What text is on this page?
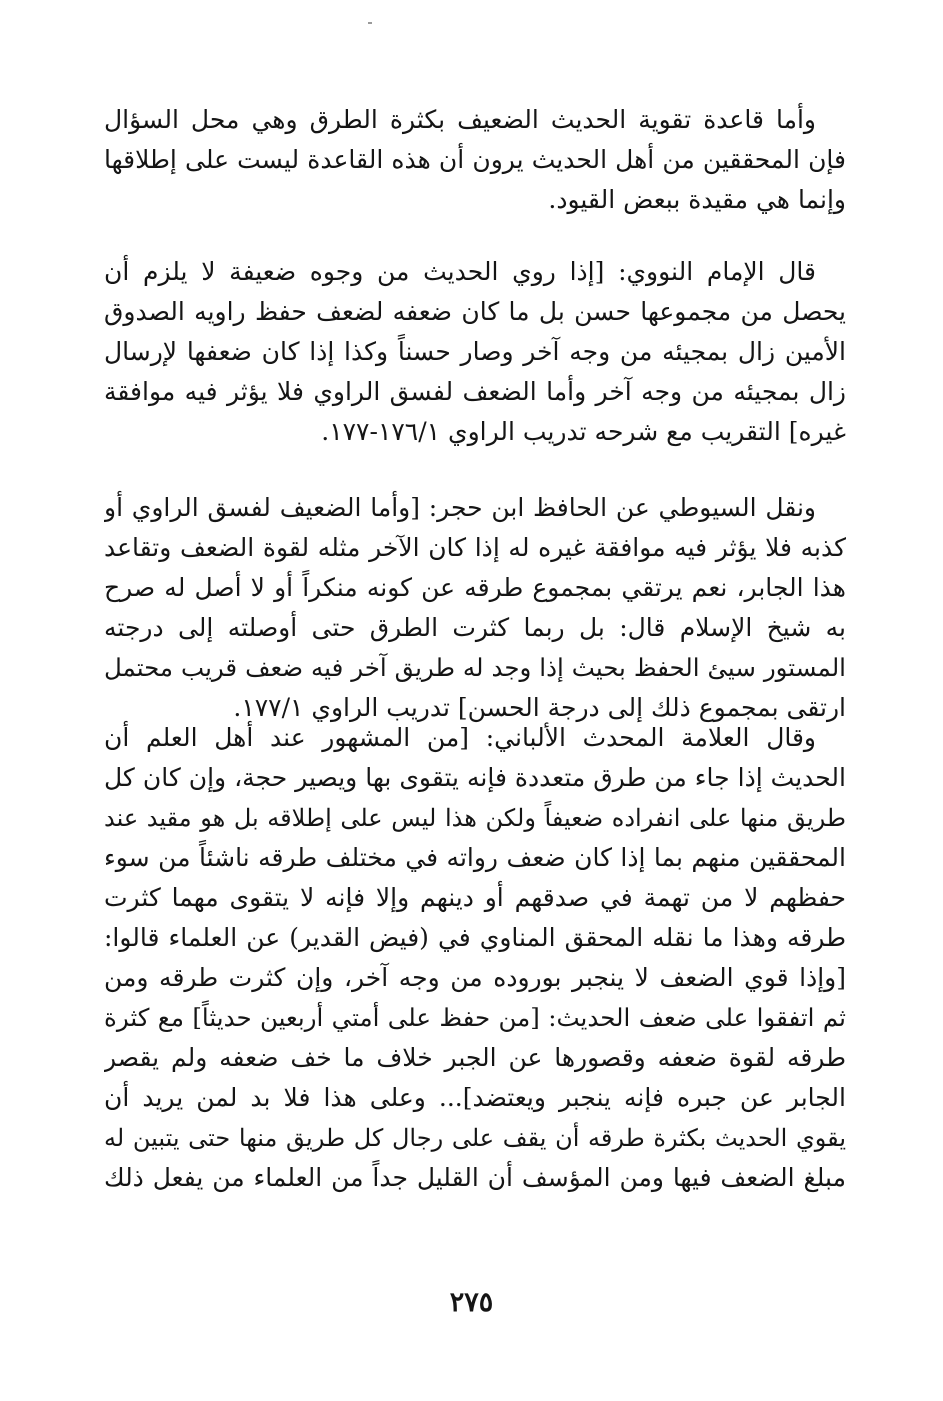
وأما قاعدة تقوية الحديث الضعيف بكثرة الطرق وهي محل السؤال
فإن المحققين من أهل الحديث يرون أن هذه القاعدة ليست على إطلاقها
وإنما هي مقيدة ببعض القيود.
قال الإمام النووي: [إذا روي الحديث من وجوه ضعيفة لا يلزم أن
يحصل من مجموعها حسن بل ما كان ضعفه لضعف حفظ راويه الصدوق
الأمين زال بمجيئه من وجه آخر وصار حسناً وكذا إذا كان ضعفها لإرسال
زال بمجيئه من وجه آخر وأما الضعف لفسق الراوي فلا يؤثر فيه موافقة
غيره] التقريب مع شرحه تدريب الراوي ١٧٦/١-١٧٧.
ونقل السيوطي عن الحافظ ابن حجر: [وأما الضعيف لفسق الراوي أو
كذبه فلا يؤثر فيه موافقة غيره له إذا كان الآخر مثله لقوة الضعف وتقاعد
هذا الجابر، نعم يرتقي بمجموع طرقه عن كونه منكراً أو لا أصل له صرح
به شيخ الإسلام قال: بل ربما كثرت الطرق حتى أوصلته إلى درجته
المستور سيئ الحفظ بحيث إذا وجد له طريق آخر فيه ضعف قريب محتمل
ارتقى بمجموع ذلك إلى درجة الحسن] تدريب الراوي ١٧٧/١.
وقال العلامة المحدث الألباني: [من المشهور عند أهل العلم أن
الحديث إذا جاء من طرق متعددة فإنه يتقوى بها ويصير حجة، وإن كان كل
طريق منها على انفراده ضعيفاً ولكن هذا ليس على إطلاقه بل هو مقيد عند
المحققين منهم بما إذا كان ضعف رواته في مختلف طرقه ناشئاً من سوء
حفظهم لا من تهمة في صدقهم أو دينهم وإلا فإنه لا يتقوى مهما كثرت
طرقه وهذا ما نقله المحقق المناوي في (فيض القدير) عن العلماء قالوا:
[وإذا قوي الضعف لا ينجبر بوروده من وجه آخر، وإن كثرت طرقه ومن
ثم اتفقوا على ضعف الحديث: [من حفظ على أمتي أربعين حديثاً] مع كثرة
طرقه لقوة ضعفه وقصورها عن الجبر خلاف ما خف ضعفه ولم يقصر
الجابر عن جبره فإنه ينجبر ويعتضد]... وعلى هذا فلا بد لمن يريد أن
يقوي الحديث بكثرة طرقه أن يقف على رجال كل طريق منها حتى يتبين له
مبلغ الضعف فيها ومن المؤسف أن القليل جداً من العلماء من يفعل ذلك
٢٧٥
